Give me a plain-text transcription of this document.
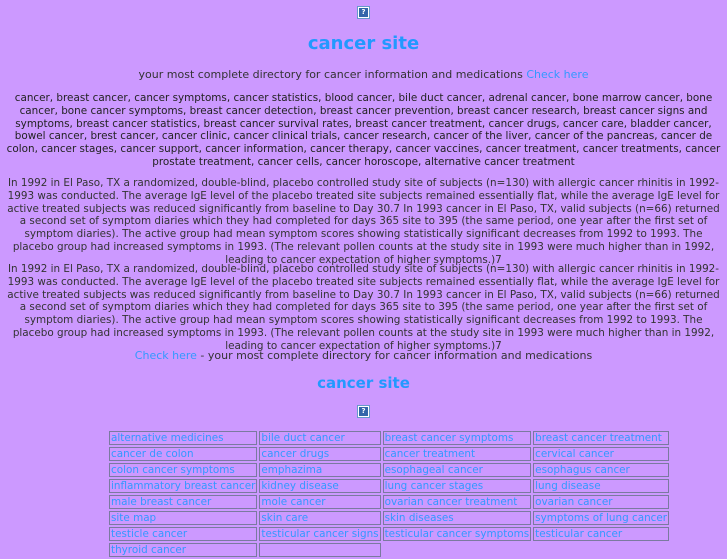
?
cancer site
your most complete directory for cancer information and medications Check here
cancer, breast cancer, cancer symptoms, cancer statistics, blood cancer, bile duct cancer, adrenal cancer, bone marrow cancer, bone cancer, bone cancer symptoms, breast cancer detection, breast cancer prevention, breast cancer research, breast cancer signs and symptoms, breast cancer statistics, breast cancer survival rates, breast cancer treatment, cancer drugs, cancer care, bladder cancer, bowel cancer, brest cancer, cancer clinic, cancer clinical trials, cancer research, cancer of the liver, cancer of the pancreas, cancer de colon, cancer stages, cancer support, cancer information, cancer therapy, cancer vaccines, cancer treatment, cancer treatments, cancer prostate treatment, cancer cells, cancer horoscope, alternative cancer treatment
In 1992 in El Paso, TX a randomized, double-blind, placebo controlled study site of subjects (n=130) with allergic cancer rhinitis in 1992-1993 was conducted. The average IgE level of the placebo treated site subjects remained essentially flat, while the average IgE level for active treated subjects was reduced significantly from baseline to Day 30.7 In 1993 cancer in El Paso, TX, valid subjects (n=66) returned a second set of symptom diaries which they had completed for days 365 site to 395 (the same period, one year after the first set of symptom diaries). The active group had mean symptom scores showing statistically significant decreases from 1992 to 1993. The placebo group had increased symptoms in 1993. (The relevant pollen counts at the study site in 1993 were much higher than in 1992, leading to cancer expectation of higher symptoms.)7
In 1992 in El Paso, TX a randomized, double-blind, placebo controlled study site of subjects (n=130) with allergic cancer rhinitis in 1992-1993 was conducted. The average IgE level of the placebo treated site subjects remained essentially flat, while the average IgE level for active treated subjects was reduced significantly from baseline to Day 30.7 In 1993 cancer in El Paso, TX, valid subjects (n=66) returned a second set of symptom diaries which they had completed for days 365 site to 395 (the same period, one year after the first set of symptom diaries). The active group had mean symptom scores showing statistically significant decreases from 1992 to 1993. The placebo group had increased symptoms in 1993. (The relevant pollen counts at the study site in 1993 were much higher than in 1992, leading to cancer expectation of higher symptoms.)7
Check here - your most complete directory for cancer information and medications
cancer site
?
alternative medicines	bile duct cancer	breast cancer symptoms	breast cancer treatment
cancer de colon	cancer drugs	cancer treatment	cervical cancer
colon cancer symptoms	emphazima	esophageal cancer	esophagus cancer
inflammatory breast cancer	kidney disease	lung cancer stages	lung disease
male breast cancer	mole cancer	ovarian cancer treatment	ovarian cancer
site map	skin care	skin diseases	symptoms of lung cancer
testicle cancer	testicular cancer signs	testicular cancer symptoms	testicular cancer
thyroid cancer			
